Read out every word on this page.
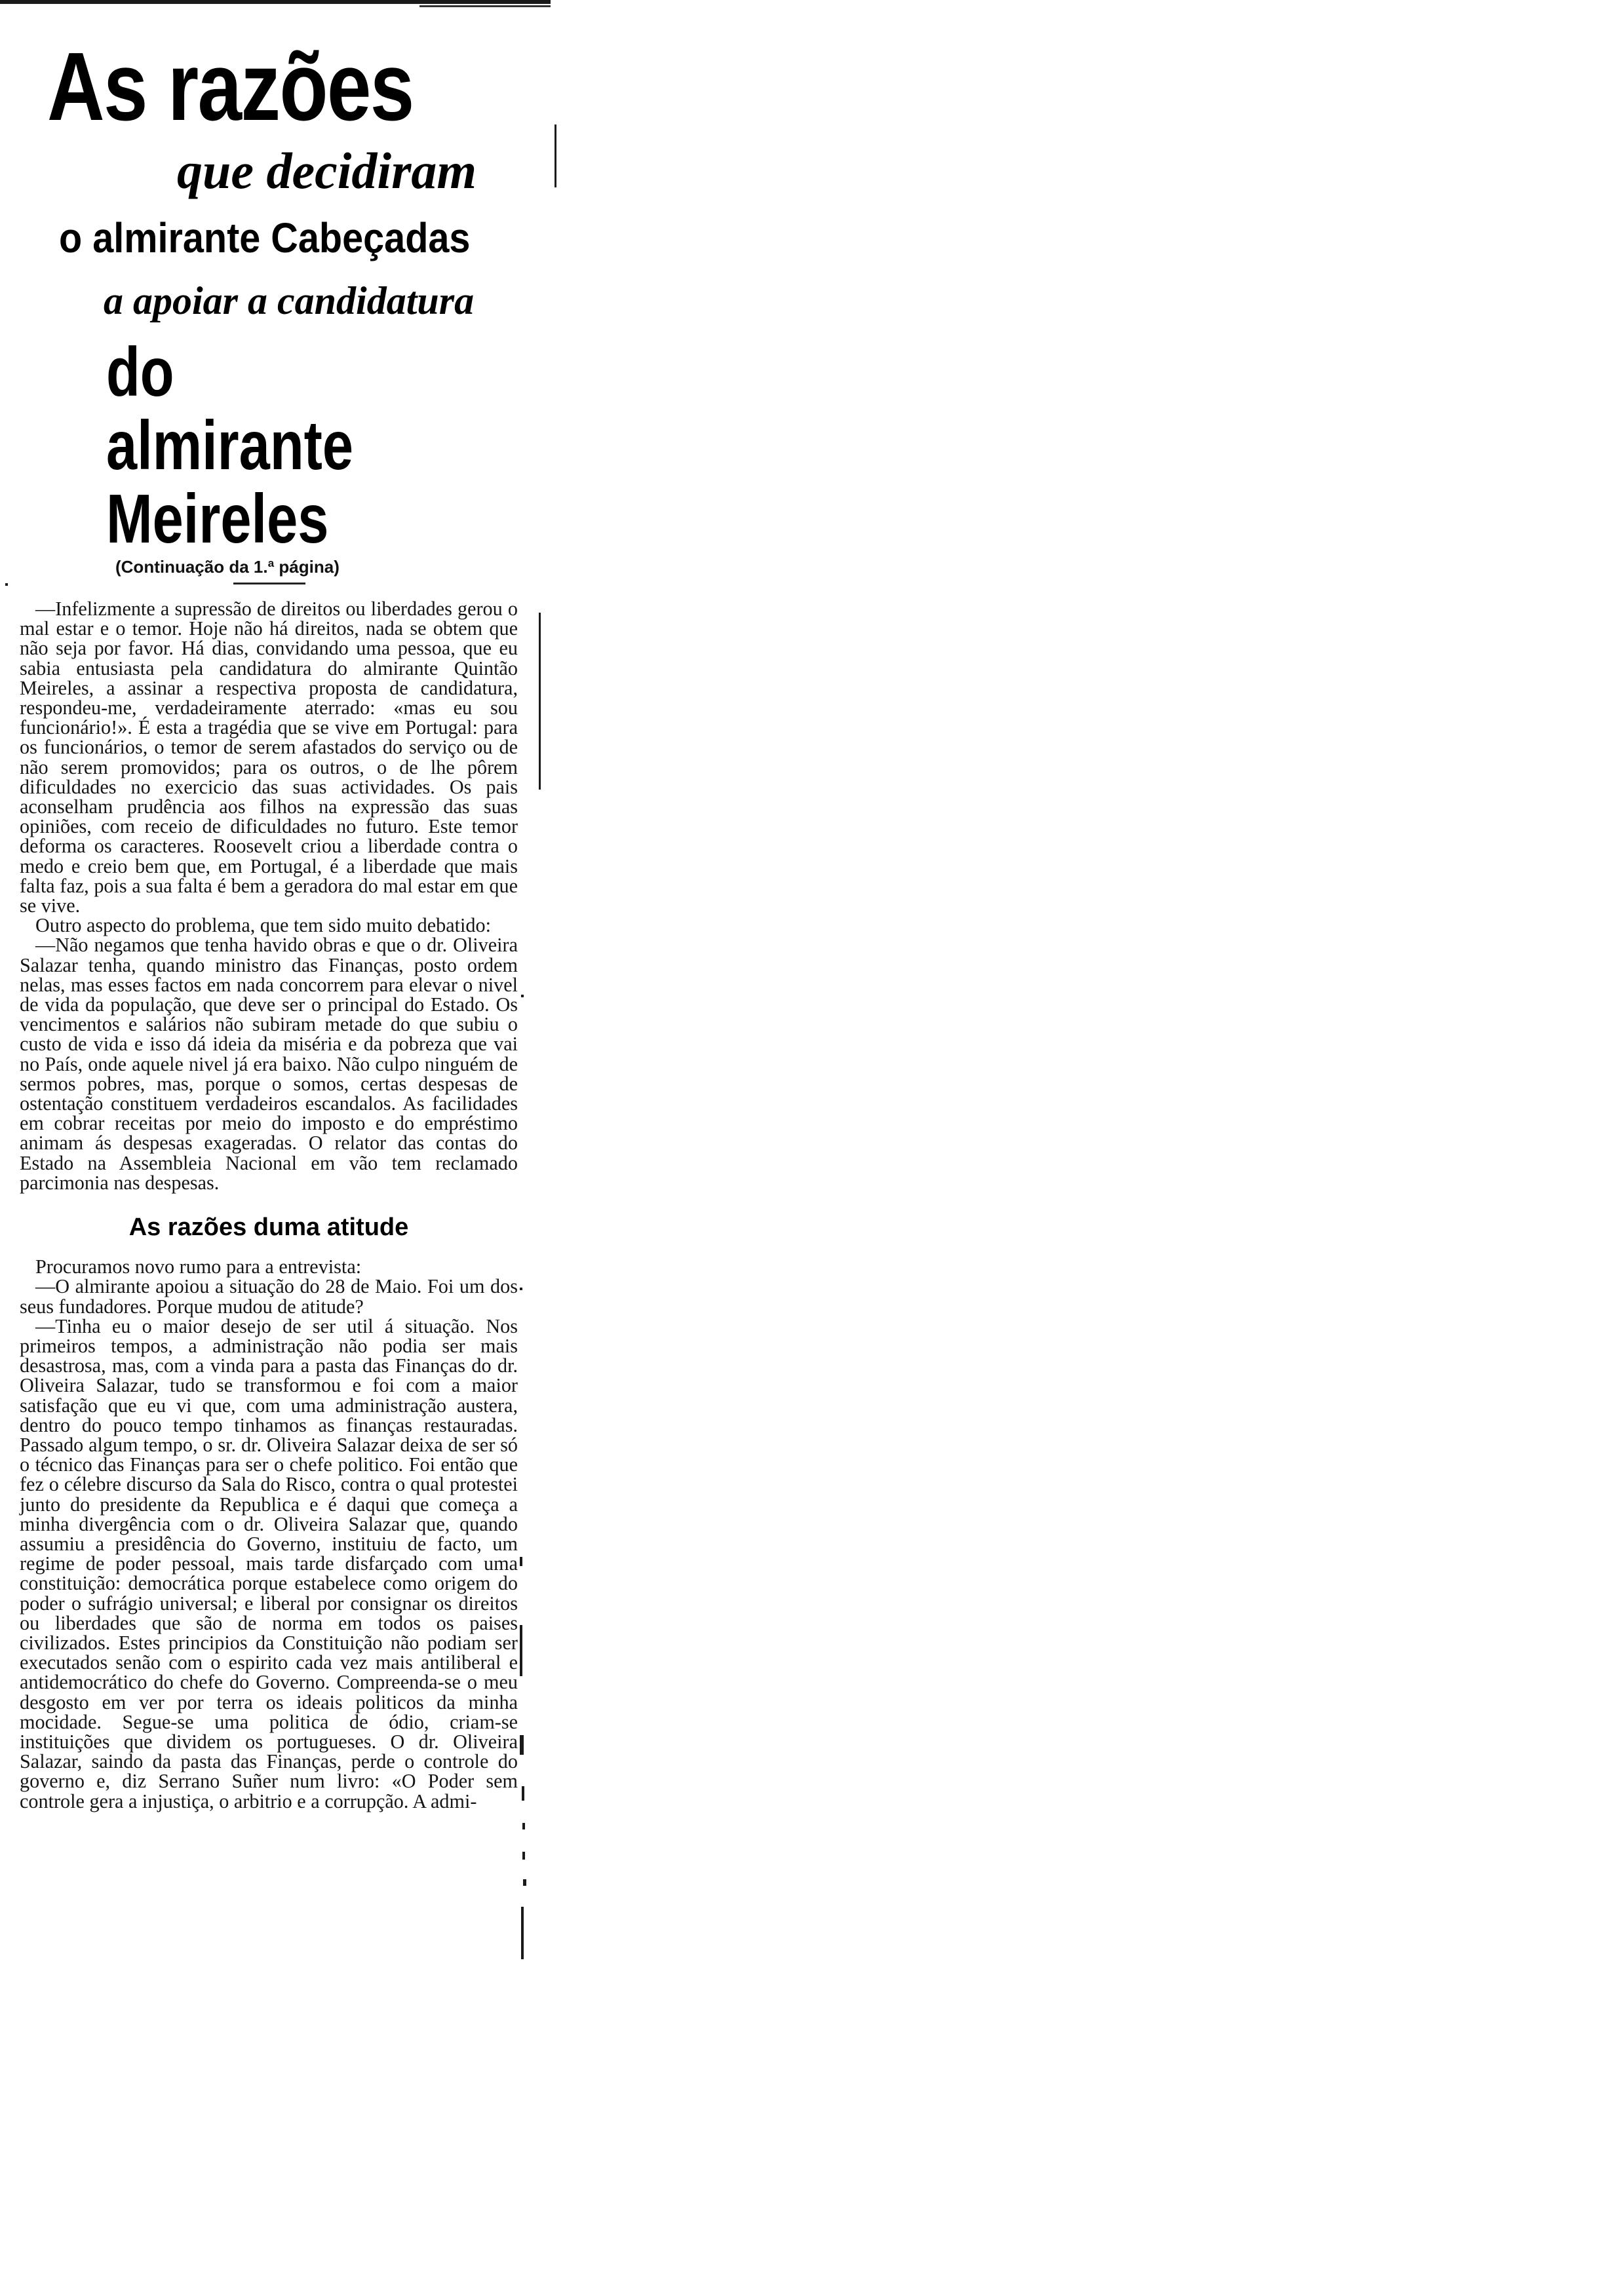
As razões
que decidiram
o almirante Cabeçadas
a apoiar a candidatura
do almirante Meireles
(Continuação da 1.ª página)

—Infelizmente a supressão de direitos ou liberdades gerou o mal estar e o temor. Hoje não há direitos, nada se obtem que não seja por favor. Há dias, convidando uma pessoa, que eu sabia entusiasta pela candidatura do almirante Quintão Meireles, a assinar a respectiva proposta de candidatura, respondeu-me, verdadeiramente aterrado: «mas eu sou funcionário!». É esta a tragédia que se vive em Portugal: para os funcionários, o temor de serem afastados do serviço ou de não serem promovidos; para os outros, o de lhe pôrem dificuldades no exercicio das suas actividades. Os pais aconselham prudência aos filhos na expressão das suas opiniões, com receio de dificuldades no futuro. Este temor deforma os caracteres. Roosevelt criou a liberdade contra o medo e creio bem que, em Portugal, é a liberdade que mais falta faz, pois a sua falta é bem a geradora do mal estar em que se vive.

Outro aspecto do problema, que tem sido muito debatido:

—Não negamos que tenha havido obras e que o dr. Oliveira Salazar tenha, quando ministro das Finanças, posto ordem nelas, mas esses factos em nada concorrem para elevar o nivel de vida da população, que deve ser o principal do Estado. Os vencimentos e salários não subiram metade do que subiu o custo de vida e isso dá ideia da miséria e da pobreza que vai no País, onde aquele nivel já era baixo. Não culpo ninguém de sermos pobres, mas, porque o somos, certas despesas de ostentação constituem verdadeiros escandalos. As facilidades em cobrar receitas por meio do imposto e do empréstimo animam ás despesas exageradas. O relator das contas do Estado na Assembleia Nacional em vão tem reclamado parcimonia nas despesas.

As razões duma atitude

Procuramos novo rumo para a entrevista:

—O almirante apoiou a situação do 28 de Maio. Foi um dos seus fundadores. Porque mudou de atitude?

—Tinha eu o maior desejo de ser util á situação. Nos primeiros tempos, a administração não podia ser mais desastrosa, mas, com a vinda para a pasta das Finanças do dr. Oliveira Salazar, tudo se transformou e foi com a maior satisfação que eu vi que, com uma administração austera, dentro do pouco tempo tinhamos as finanças restauradas. Passado algum tempo, o sr. dr. Oliveira Salazar deixa de ser só o técnico das Finanças para ser o chefe politico. Foi então que fez o célebre discurso da Sala do Risco, contra o qual protestei junto do presidente da Republica e é daqui que começa a minha divergência com o dr. Oliveira Salazar que, quando assumiu a presidência do Governo, instituiu de facto, um regime de poder pessoal, mais tarde disfarçado com uma constituição: democrática porque estabelece como origem do poder o sufrágio universal; e liberal por consignar os direitos ou liberdades que são de norma em todos os paises civilizados. Estes principios da Constituição não podiam ser executados senão com o espirito cada vez mais antiliberal e antidemocrático do chefe do Governo. Compreenda-se o meu desgosto em ver por terra os ideais politicos da minha mocidade. Segue-se uma politica de ódio, criam-se instituições que dividem os portugueses. O dr. Oliveira Salazar, saindo da pasta das Finanças, perde o controle do governo e, diz Serrano Suñer num livro: «O Poder sem controle gera a injustiça, o arbitrio e a corrupção. A admi-
